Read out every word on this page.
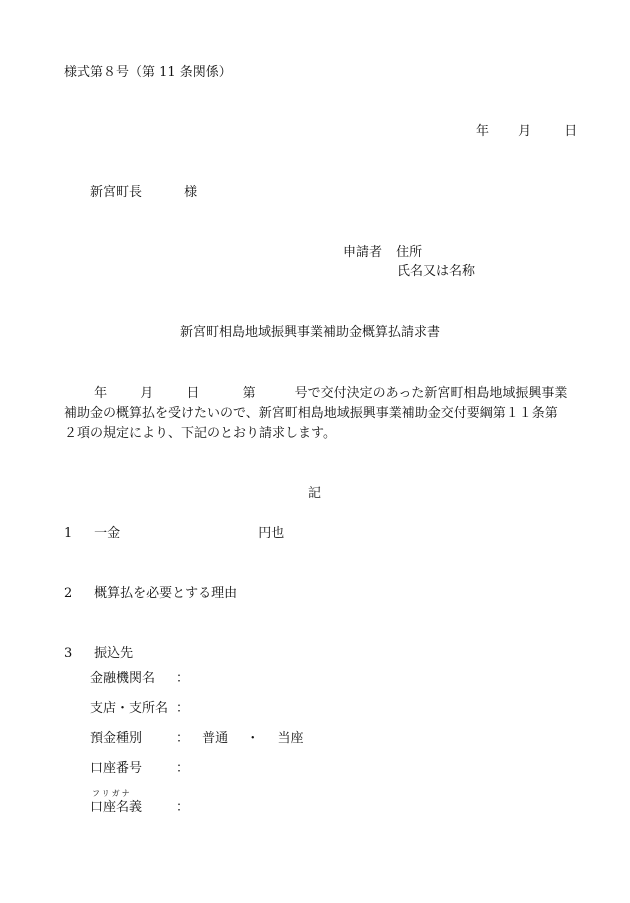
様式第８号（第 11 条関係）
年 月	日
新宮町長	様
申請者 住所
氏名又は名称
新宮町相島地域振興事業補助金概算払請求書
年	月	日	第	号で交付決定のあった新宮町相島地域振興事業
補助金の概算払を受けたいので、新宮町相島地域振興事業補助金交付要綱第１１条第
２項の規定により、下記のとおり請求します。
記
1 一金	円也
2 概算払を必要とする理由
3 振込先
金融機関名 ：
支店・支所名 ：
預金種別	： 普通 ・ 当座
口座番号	：
フリガナ
口座名義	：
